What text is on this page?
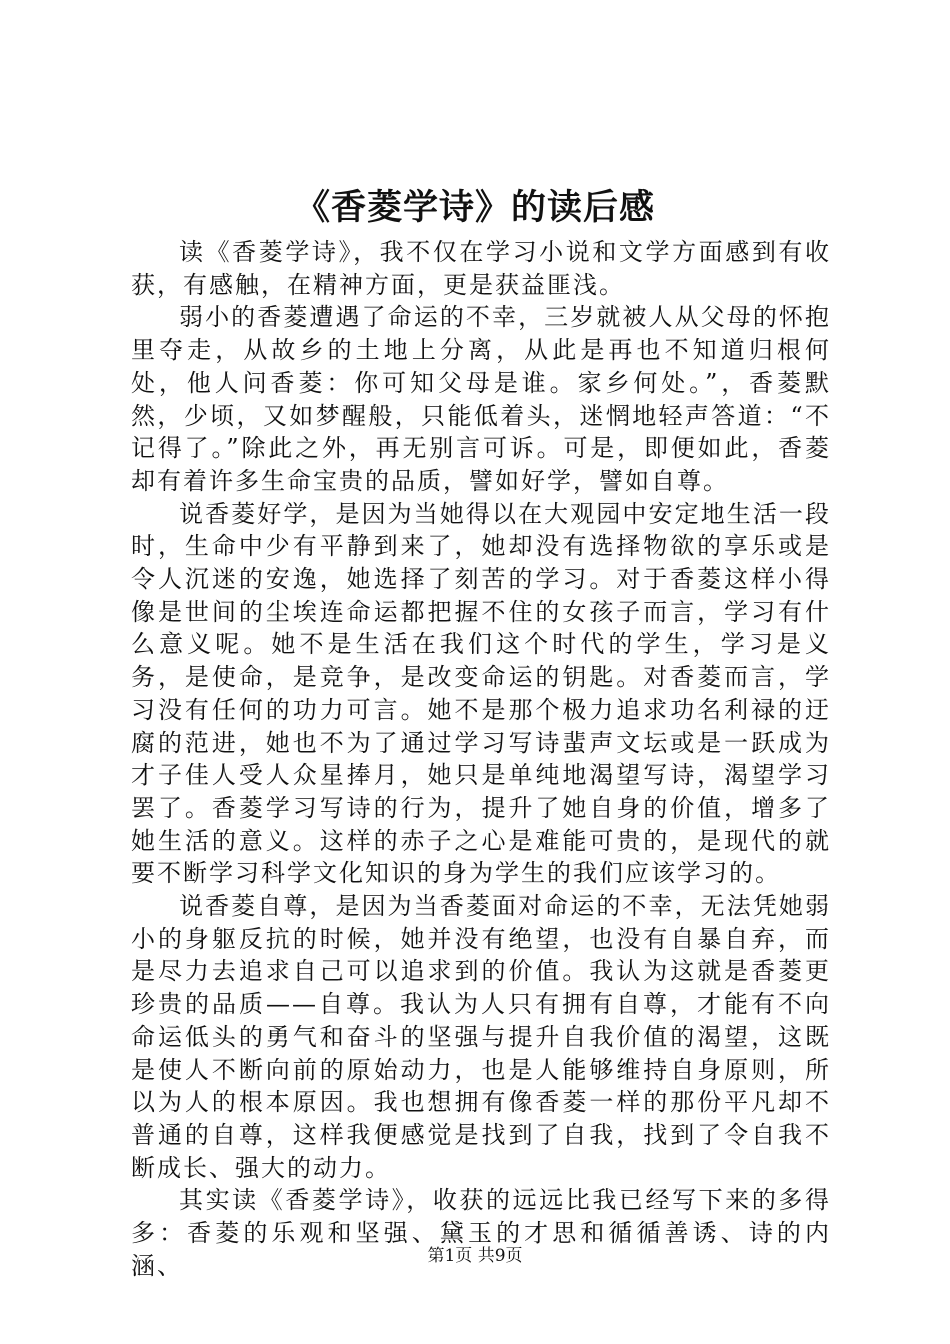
《香菱学诗》的读后感

读《香菱学诗》，我不仅在学习小说和文学方面感到有收获，有感触，在精神方面，更是获益匪浅。

弱小的香菱遭遇了命运的不幸，三岁就被人从父母的怀抱里夺走，从故乡的土地上分离，从此是再也不知道归根何处，他人问香菱：你可知父母是谁。家乡何处。”，香菱默然，少顷，又如梦醒般，只能低着头，迷惘地轻声答道：“不记得了。”除此之外，再无别言可诉。可是，即便如此，香菱却有着许多生命宝贵的品质，譬如好学，譬如自尊。

说香菱好学，是因为当她得以在大观园中安定地生活一段时，生命中少有平静到来了，她却没有选择物欲的享乐或是令人沉迷的安逸，她选择了刻苦的学习。对于香菱这样小得像是世间的尘埃连命运都把握不住的女孩子而言，学习有什么意义呢。她不是生活在我们这个时代的学生，学习是义务，是使命，是竞争，是改变命运的钥匙。对香菱而言，学习没有任何的功力可言。她不是那个极力追求功名利禄的迂腐的范进，她也不为了通过学习写诗蜚声文坛或是一跃成为才子佳人受人众星捧月，她只是单纯地渴望写诗，渴望学习罢了。香菱学习写诗的行为，提升了她自身的价值，增多了她生活的意义。这样的赤子之心是难能可贵的，是现代的就要不断学习科学文化知识的身为学生的我们应该学习的。

说香菱自尊，是因为当香菱面对命运的不幸，无法凭她弱小的身躯反抗的时候，她并没有绝望，也没有自暴自弃，而是尽力去追求自己可以追求到的价值。我认为这就是香菱更珍贵的品质——自尊。我认为人只有拥有自尊，才能有不向命运低头的勇气和奋斗的坚强与提升自我价值的渴望，这既是使人不断向前的原始动力，也是人能够维持自身原则，所以为人的根本原因。我也想拥有像香菱一样的那份平凡却不普通的自尊，这样我便感觉是找到了自我，找到了令自我不断成长、强大的动力。

其实读《香菱学诗》，收获的远远比我已经写下来的多得多：香菱的乐观和坚强、黛玉的才思和循循善诱、诗的内涵、	第1页 共9页
